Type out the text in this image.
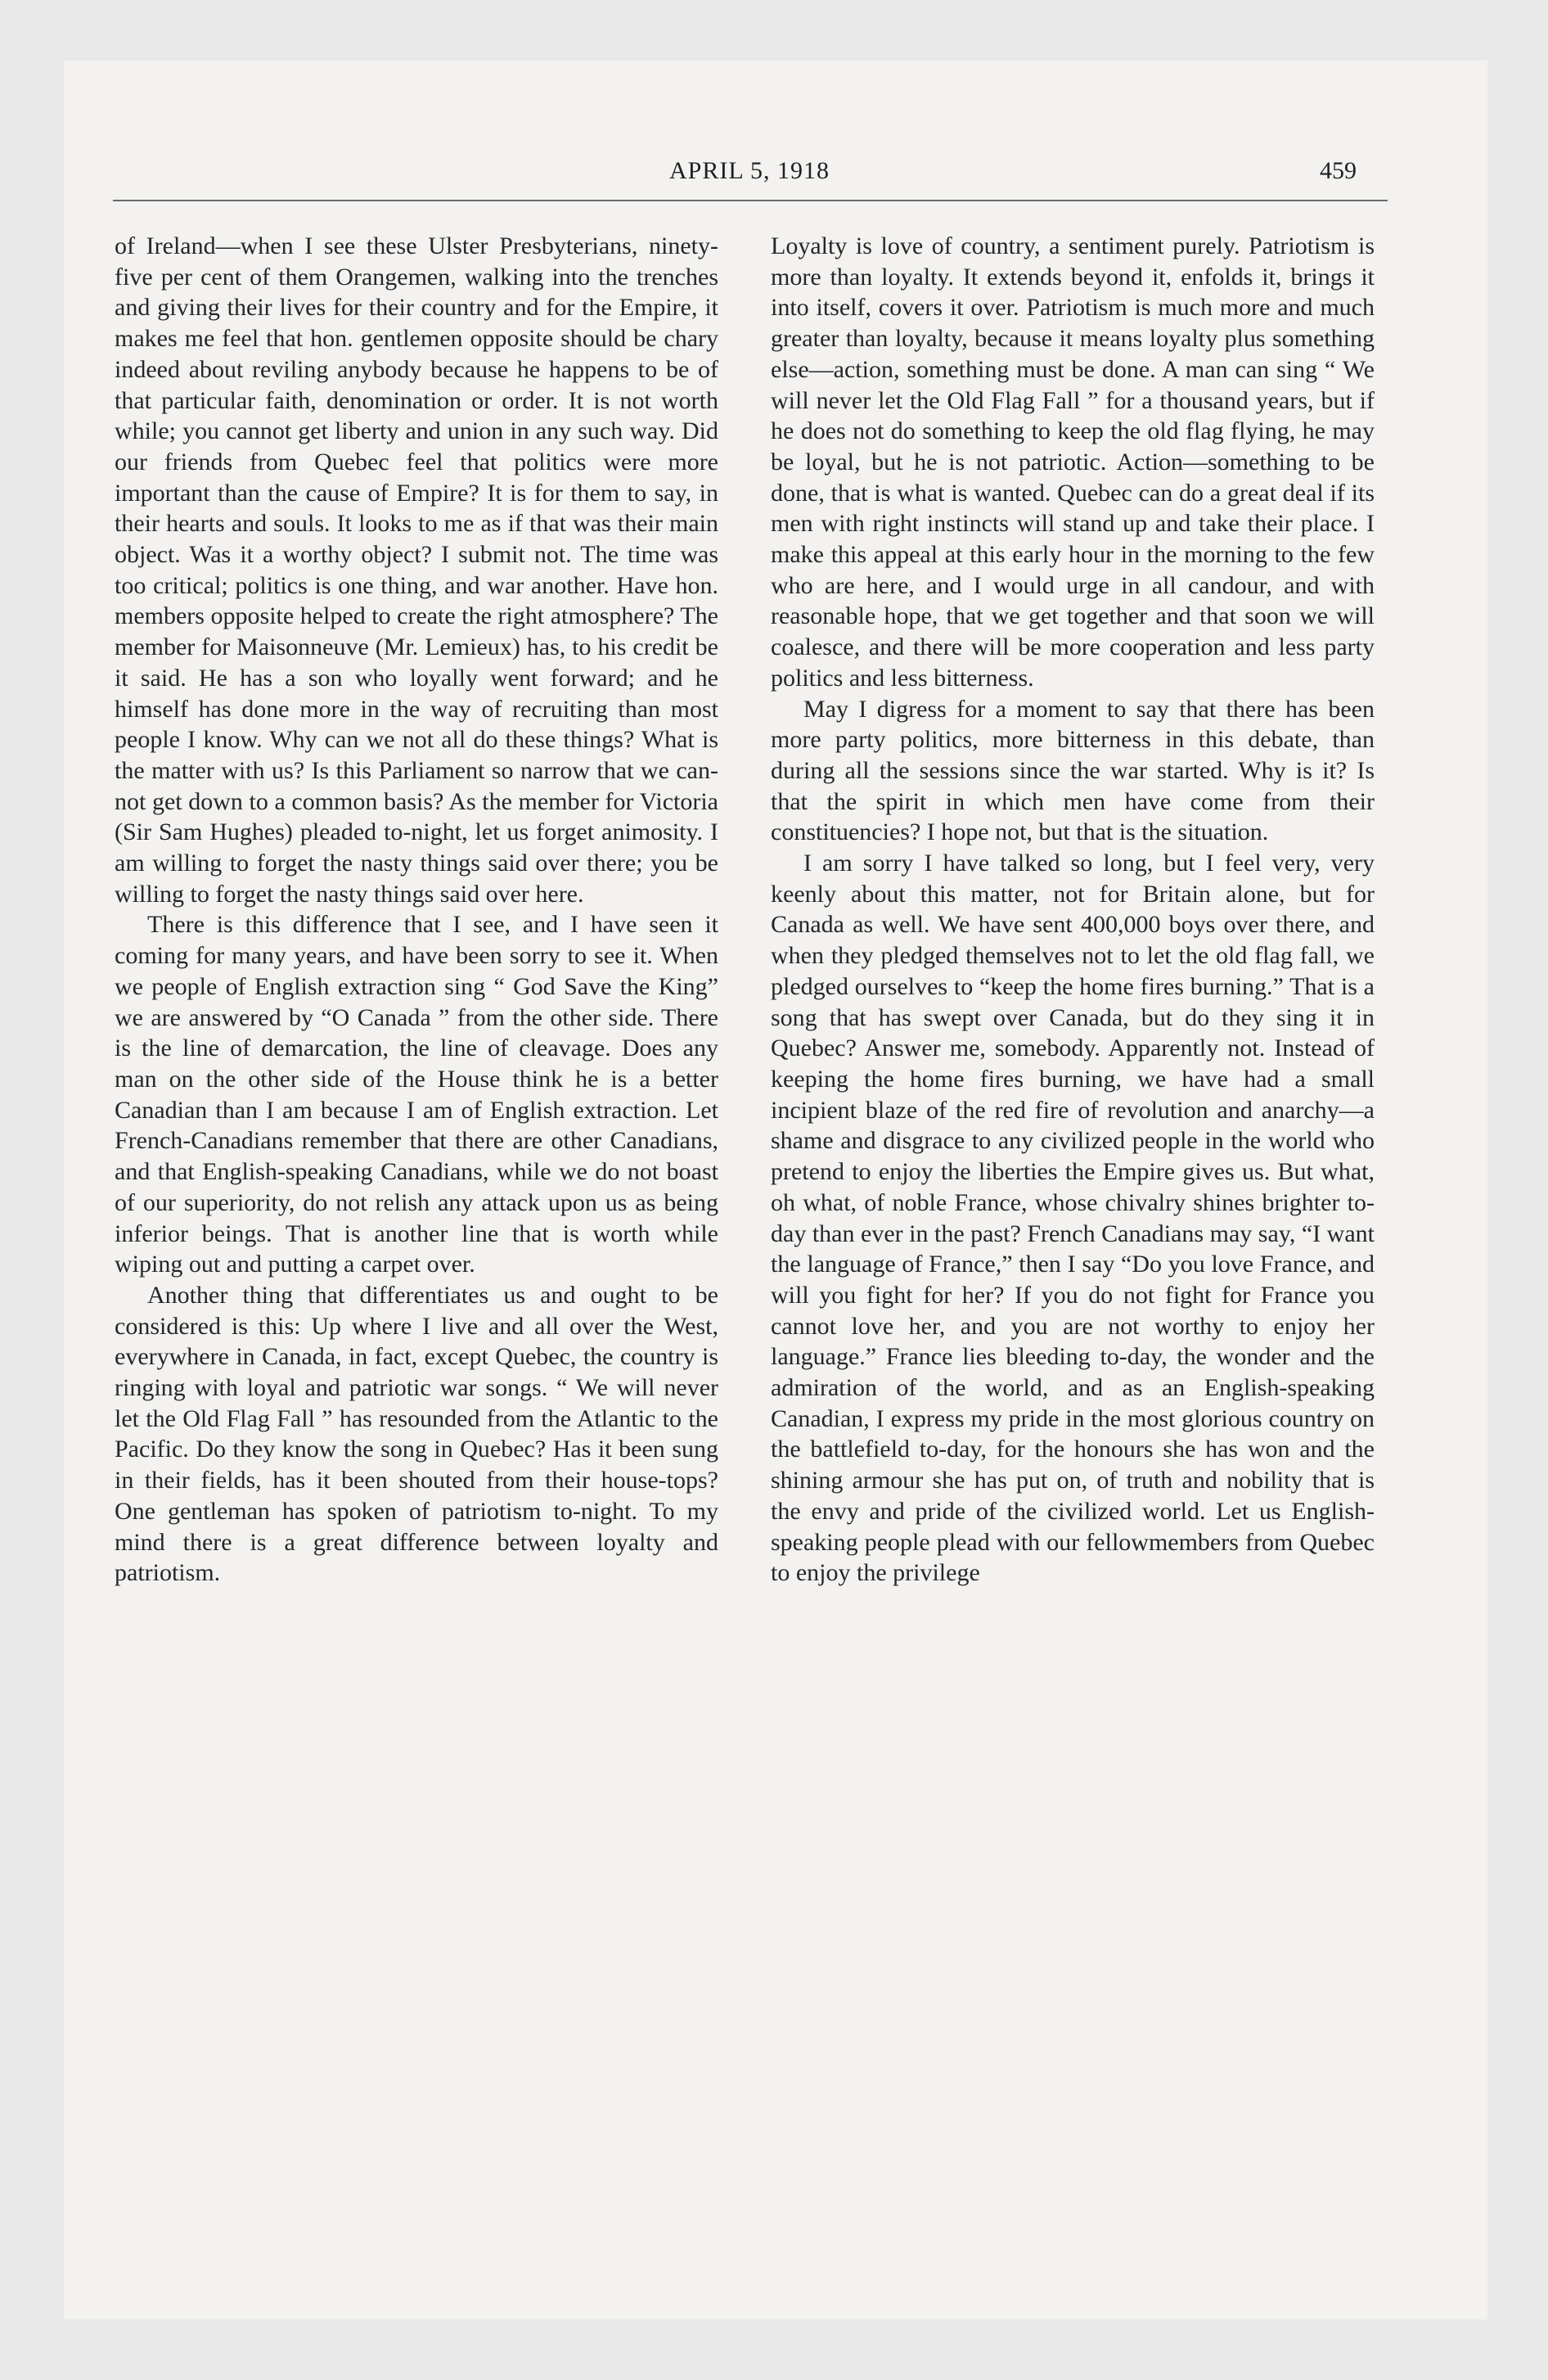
APRIL 5, 1918	459

of Ireland—when I see these Ulster Presbyterians, ninety-five per cent of them Orangemen, walking into the trenches and giving their lives for their country and for the Empire, it makes me feel that hon. gentlemen opposite should be chary indeed about reviling anybody because he happens to be of that particular faith, denomination or order. It is not worth while; you cannot get liberty and union in any such way. Did our friends from Quebec feel that politics were more important than the cause of Empire? It is for them to say, in their hearts and souls. It looks to me as if that was their main object. Was it a worthy object? I submit not. The time was too critical; politics is one thing, and war another. Have hon. members opposite helped to create the right atmosphere? The member for Maisonneuve (Mr. Lemieux) has, to his credit be it said. He has a son who loyally went forward; and he himself has done more in the way of recruiting than most people I know. Why can we not all do these things? What is the matter with us? Is this Parliament so narrow that we cannot get down to a common basis? As the member for Victoria (Sir Sam Hughes) pleaded to-night, let us forget animosity. I am willing to forget the nasty things said over there; you be willing to forget the nasty things said over here.

There is this difference that I see, and I have seen it coming for many years, and have been sorry to see it. When we people of English extraction sing “ God Save the King” we are answered by “O Canada ” from the other side. There is the line of demarcation, the line of cleavage. Does any man on the other side of the House think he is a better Canadian than I am because I am of English extraction. Let French-Canadians remember that there are other Canadians, and that English-speaking Canadians, while we do not boast of our superiority, do not relish any attack upon us as being inferior beings. That is another line that is worth while wiping out and putting a carpet over.

Another thing that differentiates us and ought to be considered is this: Up where I live and all over the West, everywhere in Canada, in fact, except Quebec, the country is ringing with loyal and patriotic war songs. “ We will never let the Old Flag Fall ” has resounded from the Atlantic to the Pacific. Do they know the song in Quebec? Has it been sung in their fields, has it been shouted from their house-tops? One gentleman has spoken of patriotism to-night. To my mind there is a great difference between loyalty and patriotism.

Loyalty is love of country, a sentiment purely. Patriotism is more than loyalty. It extends beyond it, enfolds it, brings it into itself, covers it over. Patriotism is much more and much greater than loyalty, because it means loyalty plus something else—action, something must be done. A man can sing “ We will never let the Old Flag Fall ” for a thousand years, but if he does not do something to keep the old flag flying, he may be loyal, but he is not patriotic. Action—something to be done, that is what is wanted. Quebec can do a great deal if its men with right instincts will stand up and take their place. I make this appeal at this early hour in the morning to the few who are here, and I would urge in all candour, and with reasonable hope, that we get together and that soon we will coalesce, and there will be more cooperation and less party politics and less bitterness.

May I digress for a moment to say that there has been more party politics, more bitterness in this debate, than during all the sessions since the war started. Why is it? Is that the spirit in which men have come from their constituencies? I hope not, but that is the situation.

I am sorry I have talked so long, but I feel very, very keenly about this matter, not for Britain alone, but for Canada as well. We have sent 400,000 boys over there, and when they pledged themselves not to let the old flag fall, we pledged ourselves to “keep the home fires burning.” That is a song that has swept over Canada, but do they sing it in Quebec? Answer me, somebody. Apparently not. Instead of keeping the home fires burning, we have had a small incipient blaze of the red fire of revolution and anarchy—a shame and disgrace to any civilized people in the world who pretend to enjoy the liberties the Empire gives us. But what, oh what, of noble France, whose chivalry shines brighter today than ever in the past? French Canadians may say, “I want the language of France,” then I say “Do you love France, and will you fight for her? If you do not fight for France you cannot love her, and you are not worthy to enjoy her language.” France lies bleeding to-day, the wonder and the admiration of the world, and as an English-speaking Canadian, I express my pride in the most glorious country on the battlefield to-day, for the honours she has won and the shining armour she has put on, of truth and nobility that is the envy and pride of the civilized world. Let us English-speaking people plead with our fellowmembers from Quebec to enjoy the privilege
